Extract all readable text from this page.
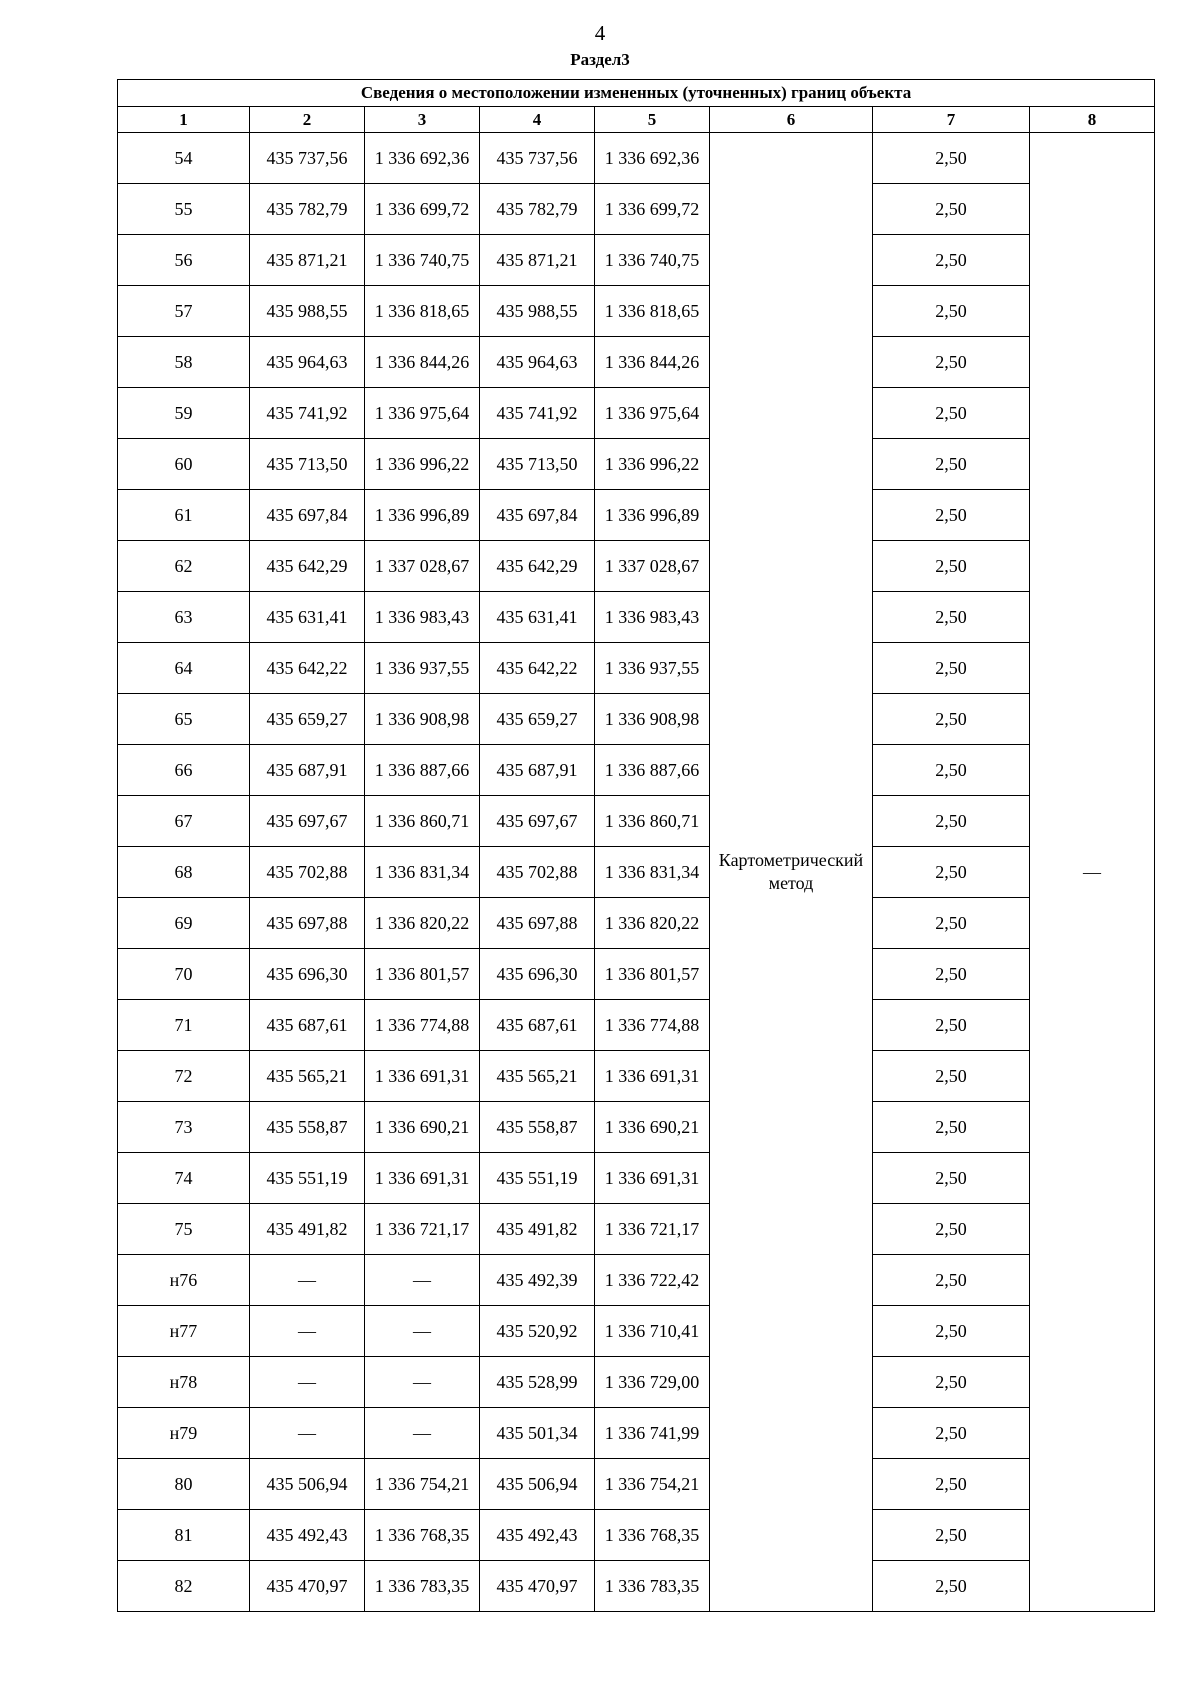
4
Раздел3
Сведения о местоположении измененных (уточненных) границ объекта							
1	2	3	4	5	6	7	8
54	435 737,56	1 336 692,36	435 737,56	1 336 692,36	Картометрический метод	2,50	—
55	435 782,79	1 336 699,72	435 782,79	1 336 699,72		2,50	
56	435 871,21	1 336 740,75	435 871,21	1 336 740,75		2,50	
57	435 988,55	1 336 818,65	435 988,55	1 336 818,65		2,50	
58	435 964,63	1 336 844,26	435 964,63	1 336 844,26		2,50	
59	435 741,92	1 336 975,64	435 741,92	1 336 975,64		2,50	
60	435 713,50	1 336 996,22	435 713,50	1 336 996,22		2,50	
61	435 697,84	1 336 996,89	435 697,84	1 336 996,89		2,50	
62	435 642,29	1 337 028,67	435 642,29	1 337 028,67		2,50	
63	435 631,41	1 336 983,43	435 631,41	1 336 983,43		2,50	
64	435 642,22	1 336 937,55	435 642,22	1 336 937,55		2,50	
65	435 659,27	1 336 908,98	435 659,27	1 336 908,98		2,50	
66	435 687,91	1 336 887,66	435 687,91	1 336 887,66		2,50	
67	435 697,67	1 336 860,71	435 697,67	1 336 860,71		2,50	
68	435 702,88	1 336 831,34	435 702,88	1 336 831,34		2,50	
69	435 697,88	1 336 820,22	435 697,88	1 336 820,22		2,50	
70	435 696,30	1 336 801,57	435 696,30	1 336 801,57		2,50	
71	435 687,61	1 336 774,88	435 687,61	1 336 774,88		2,50	
72	435 565,21	1 336 691,31	435 565,21	1 336 691,31		2,50	
73	435 558,87	1 336 690,21	435 558,87	1 336 690,21		2,50	
74	435 551,19	1 336 691,31	435 551,19	1 336 691,31		2,50	
75	435 491,82	1 336 721,17	435 491,82	1 336 721,17		2,50	
н76	—	—	435 492,39	1 336 722,42		2,50	
н77	—	—	435 520,92	1 336 710,41		2,50	
н78	—	—	435 528,99	1 336 729,00		2,50	
н79	—	—	435 501,34	1 336 741,99		2,50	
80	435 506,94	1 336 754,21	435 506,94	1 336 754,21		2,50	
81	435 492,43	1 336 768,35	435 492,43	1 336 768,35		2,50	
82	435 470,97	1 336 783,35	435 470,97	1 336 783,35		2,50	
